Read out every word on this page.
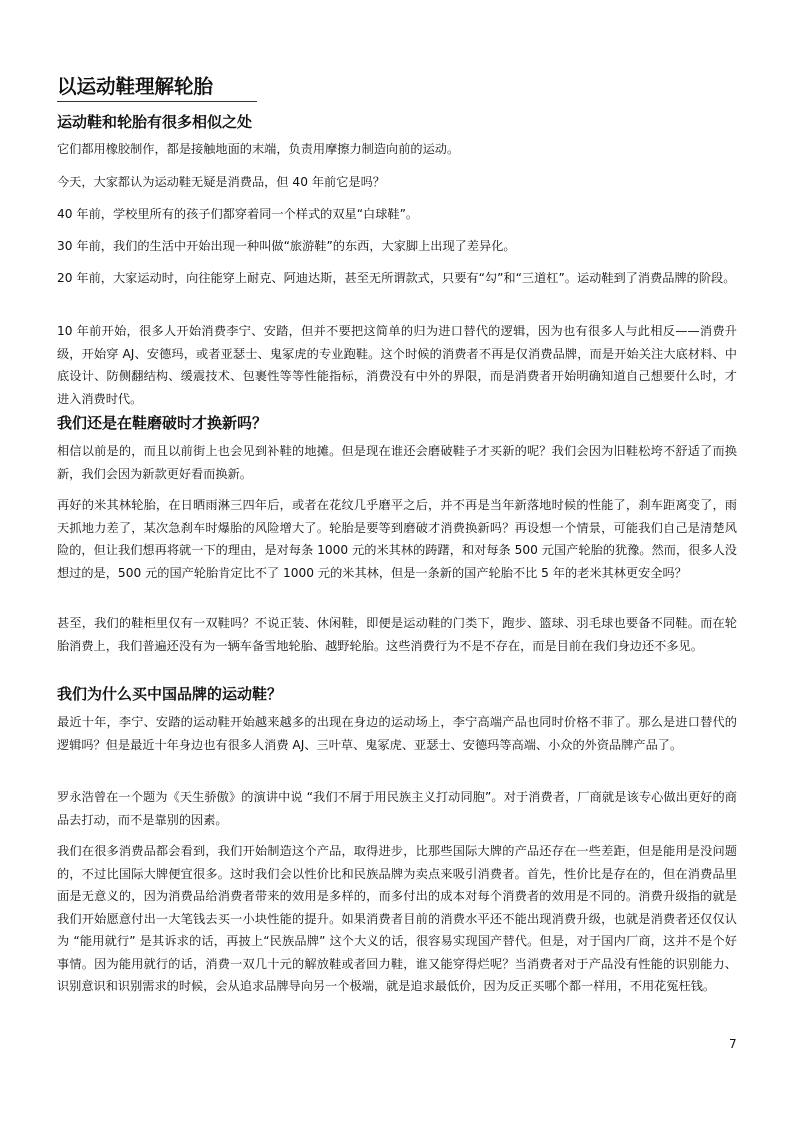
以运动鞋理解轮胎
运动鞋和轮胎有很多相似之处
它们都用橡胶制作，都是接触地面的末端，负责用摩擦力制造向前的运动。
今天，大家都认为运动鞋无疑是消费品，但 40 年前它是吗？
40 年前，学校里所有的孩子们都穿着同一个样式的双星“白球鞋”。
30 年前，我们的生活中开始出现一种叫做“旅游鞋”的东西，大家脚上出现了差异化。
20 年前，大家运动时，向往能穿上耐克、阿迪达斯，甚至无所谓款式，只要有“勾”和“三道杠”。运动鞋到了消费品牌的阶段。
10 年前开始，很多人开始消费李宁、安踏，但并不要把这简单的归为进口替代的逻辑，因为也有很多人与此相反——消费升级，开始穿 AJ、安德玛，或者亚瑟士、鬼冢虎的专业跑鞋。这个时候的消费者不再是仅消费品牌，而是开始关注大底材料、中底设计、防侧翻结构、缓震技术、包裹性等等性能指标，消费没有中外的界限，而是消费者开始明确知道自己想要什么时，才进入消费时代。
我们还是在鞋磨破时才换新吗？
相信以前是的，而且以前街上也会见到补鞋的地摊。但是现在谁还会磨破鞋子才买新的呢？我们会因为旧鞋松垮不舒适了而换新，我们会因为新款更好看而换新。
再好的米其林轮胎，在日晒雨淋三四年后，或者在花纹几乎磨平之后，并不再是当年新落地时候的性能了，刹车距离变了，雨天抓地力差了，某次急刹车时爆胎的风险增大了。轮胎是要等到磨破才消费换新吗？再设想一个情景，可能我们自己是清楚风险的，但让我们想再将就一下的理由，是对每条 1000 元的米其林的踌躇，和对每条 500 元国产轮胎的犹豫。然而，很多人没想过的是，500 元的国产轮胎肯定比不了 1000 元的米其林，但是一条新的国产轮胎不比 5 年的老米其林更安全吗？
甚至，我们的鞋柜里仅有一双鞋吗？不说正装、休闲鞋，即便是运动鞋的门类下，跑步、篮球、羽毛球也要备不同鞋。而在轮胎消费上，我们普遍还没有为一辆车备雪地轮胎、越野轮胎。这些消费行为不是不存在，而是目前在我们身边还不多见。
我们为什么买中国品牌的运动鞋？
最近十年，李宁、安踏的运动鞋开始越来越多的出现在身边的运动场上，李宁高端产品也同时价格不菲了。那么是进口替代的逻辑吗？但是最近十年身边也有很多人消费 AJ、三叶草、鬼冢虎、亚瑟士、安德玛等高端、小众的外资品牌产品了。
罗永浩曾在一个题为《天生骄傲》的演讲中说 “我们不屑于用民族主义打动同胞”。对于消费者，厂商就是该专心做出更好的商品去打动，而不是靠别的因素。
我们在很多消费品都会看到，我们开始制造这个产品，取得进步，比那些国际大牌的产品还存在一些差距，但是能用是没问题的，不过比国际大牌便宜很多。这时我们会以性价比和民族品牌为卖点来吸引消费者。首先，性价比是存在的，但在消费品里面是无意义的，因为消费品给消费者带来的效用是多样的，而多付出的成本对每个消费者的效用是不同的。消费升级指的就是我们开始愿意付出一大笔钱去买一小块性能的提升。如果消费者目前的消费水平还不能出现消费升级，也就是消费者还仅仅认为 “能用就行” 是其诉求的话，再披上“民族品牌” 这个大义的话，很容易实现国产替代。但是，对于国内厂商，这并不是个好事情。因为能用就行的话，消费一双几十元的解放鞋或者回力鞋，谁又能穿得烂呢？当消费者对于产品没有性能的识别能力、识别意识和识别需求的时候，会从追求品牌导向另一个极端，就是追求最低价，因为反正买哪个都一样用，不用花冤枉钱。
7
